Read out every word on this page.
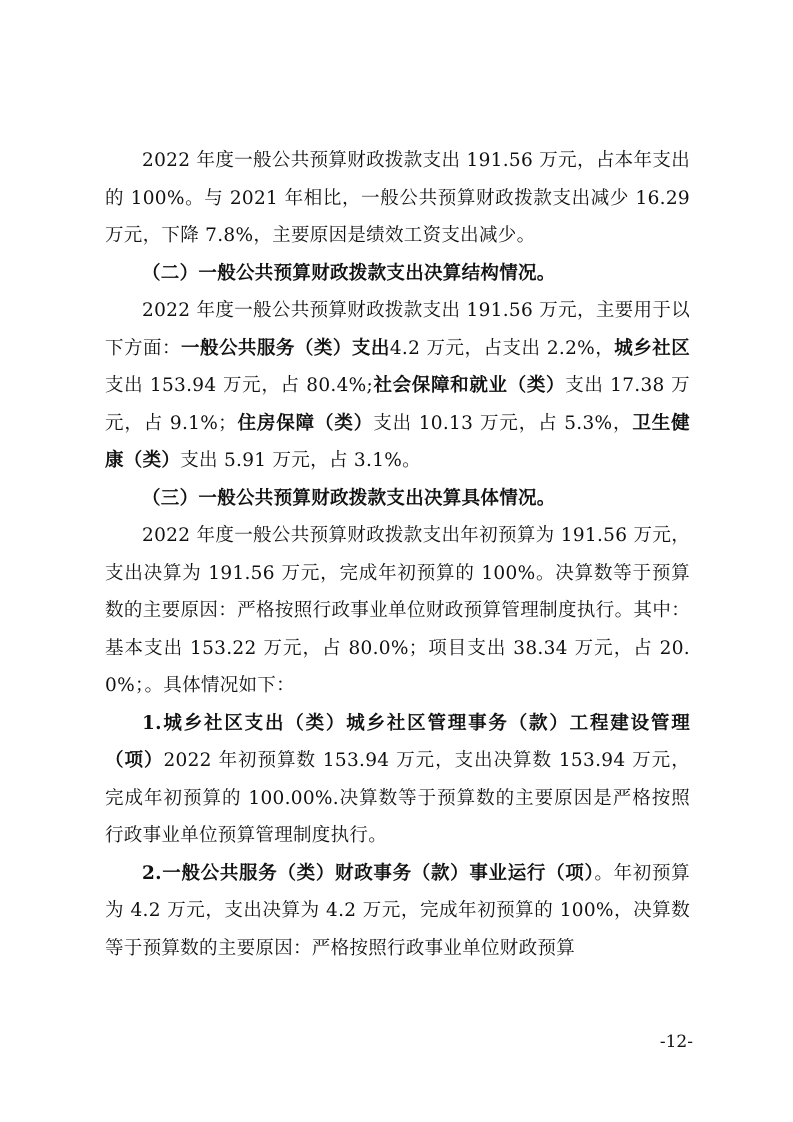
2022 年度一般公共预算财政拨款支出 191.56 万元，占本年支出的 100%。与 2021 年相比，一般公共预算财政拨款支出减少 16.29 万元，下降 7.8%，主要原因是绩效工资支出减少。

（二）一般公共预算财政拨款支出决算结构情况。

2022 年度一般公共预算财政拨款支出 191.56 万元，主要用于以下方面：一般公共服务（类）支出4.2 万元，占支出 2.2%，城乡社区支出 153.94 万元，占 80.4%;社会保障和就业（类）支出 17.38 万元，占 9.1%；住房保障（类）支出 10.13 万元，占 5.3%，卫生健康（类）支出 5.91 万元，占 3.1%。

（三）一般公共预算财政拨款支出决算具体情况。

2022 年度一般公共预算财政拨款支出年初预算为 191.56 万元，支出决算为 191.56 万元，完成年初预算的 100%。决算数等于预算数的主要原因：严格按照行政事业单位财政预算管理制度执行。其中：基本支出 153.22 万元，占 80.0%；项目支出 38.34 万元，占 20.0%；。具体情况如下：

1.城乡社区支出（类）城乡社区管理事务（款）工程建设管理（项）2022 年初预算数 153.94 万元，支出决算数 153.94 万元，完成年初预算的 100.00%.决算数等于预算数的主要原因是严格按照行政事业单位预算管理制度执行。

2.一般公共服务（类）财政事务（款）事业运行（项）。年初预算为 4.2 万元，支出决算为 4.2 万元，完成年初预算的 100%，决算数等于预算数的主要原因：严格按照行政事业单位财政预算

-12-
